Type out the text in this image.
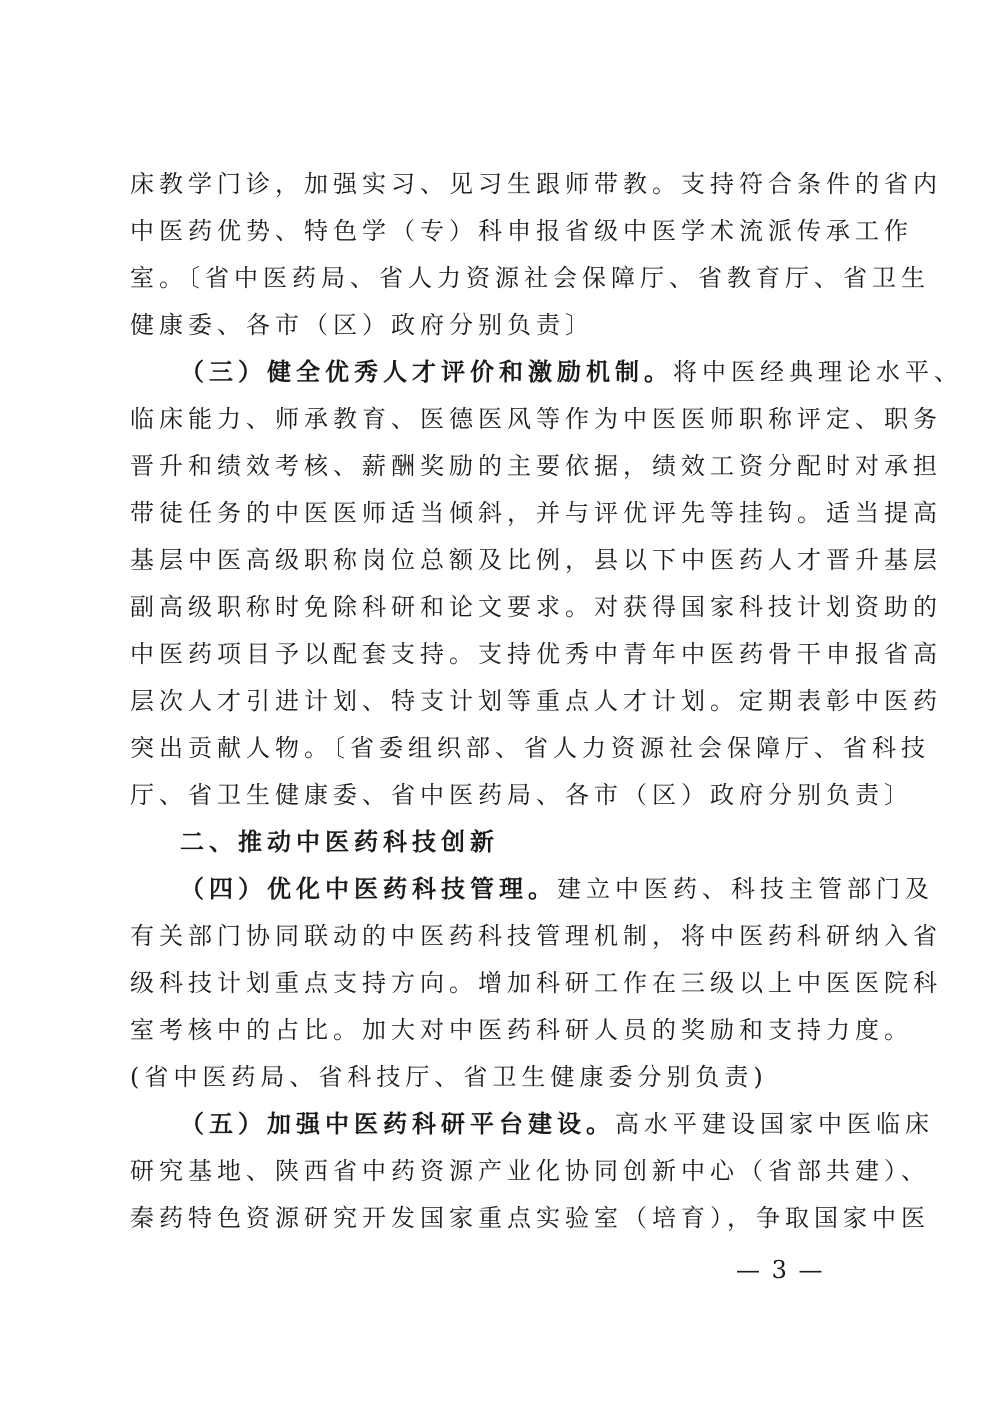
床教学门诊，加强实习、见习生跟师带教。支持符合条件的省内
中医药优势、特色学（专）科申报省级中医学术流派传承工作
室。〔省中医药局、省人力资源社会保障厅、省教育厅、省卫生
健康委、各市（区）政府分别负责〕
（三）健全优秀人才评价和激励机制。将中医经典理论水平、
临床能力、师承教育、医德医风等作为中医医师职称评定、职务
晋升和绩效考核、薪酬奖励的主要依据，绩效工资分配时对承担
带徒任务的中医医师适当倾斜，并与评优评先等挂钩。适当提高
基层中医高级职称岗位总额及比例，县以下中医药人才晋升基层
副高级职称时免除科研和论文要求。对获得国家科技计划资助的
中医药项目予以配套支持。支持优秀中青年中医药骨干申报省高
层次人才引进计划、特支计划等重点人才计划。定期表彰中医药
突出贡献人物。〔省委组织部、省人力资源社会保障厅、省科技
厅、省卫生健康委、省中医药局、各市（区）政府分别负责〕
二、推动中医药科技创新
（四）优化中医药科技管理。建立中医药、科技主管部门及
有关部门协同联动的中医药科技管理机制，将中医药科研纳入省
级科技计划重点支持方向。增加科研工作在三级以上中医医院科
室考核中的占比。加大对中医药科研人员的奖励和支持力度。
(省中医药局、省科技厅、省卫生健康委分别负责)
（五）加强中医药科研平台建设。高水平建设国家中医临床
研究基地、陕西省中药资源产业化协同创新中心（省部共建）、
秦药特色资源研究开发国家重点实验室（培育），争取国家中医
— 3 —
